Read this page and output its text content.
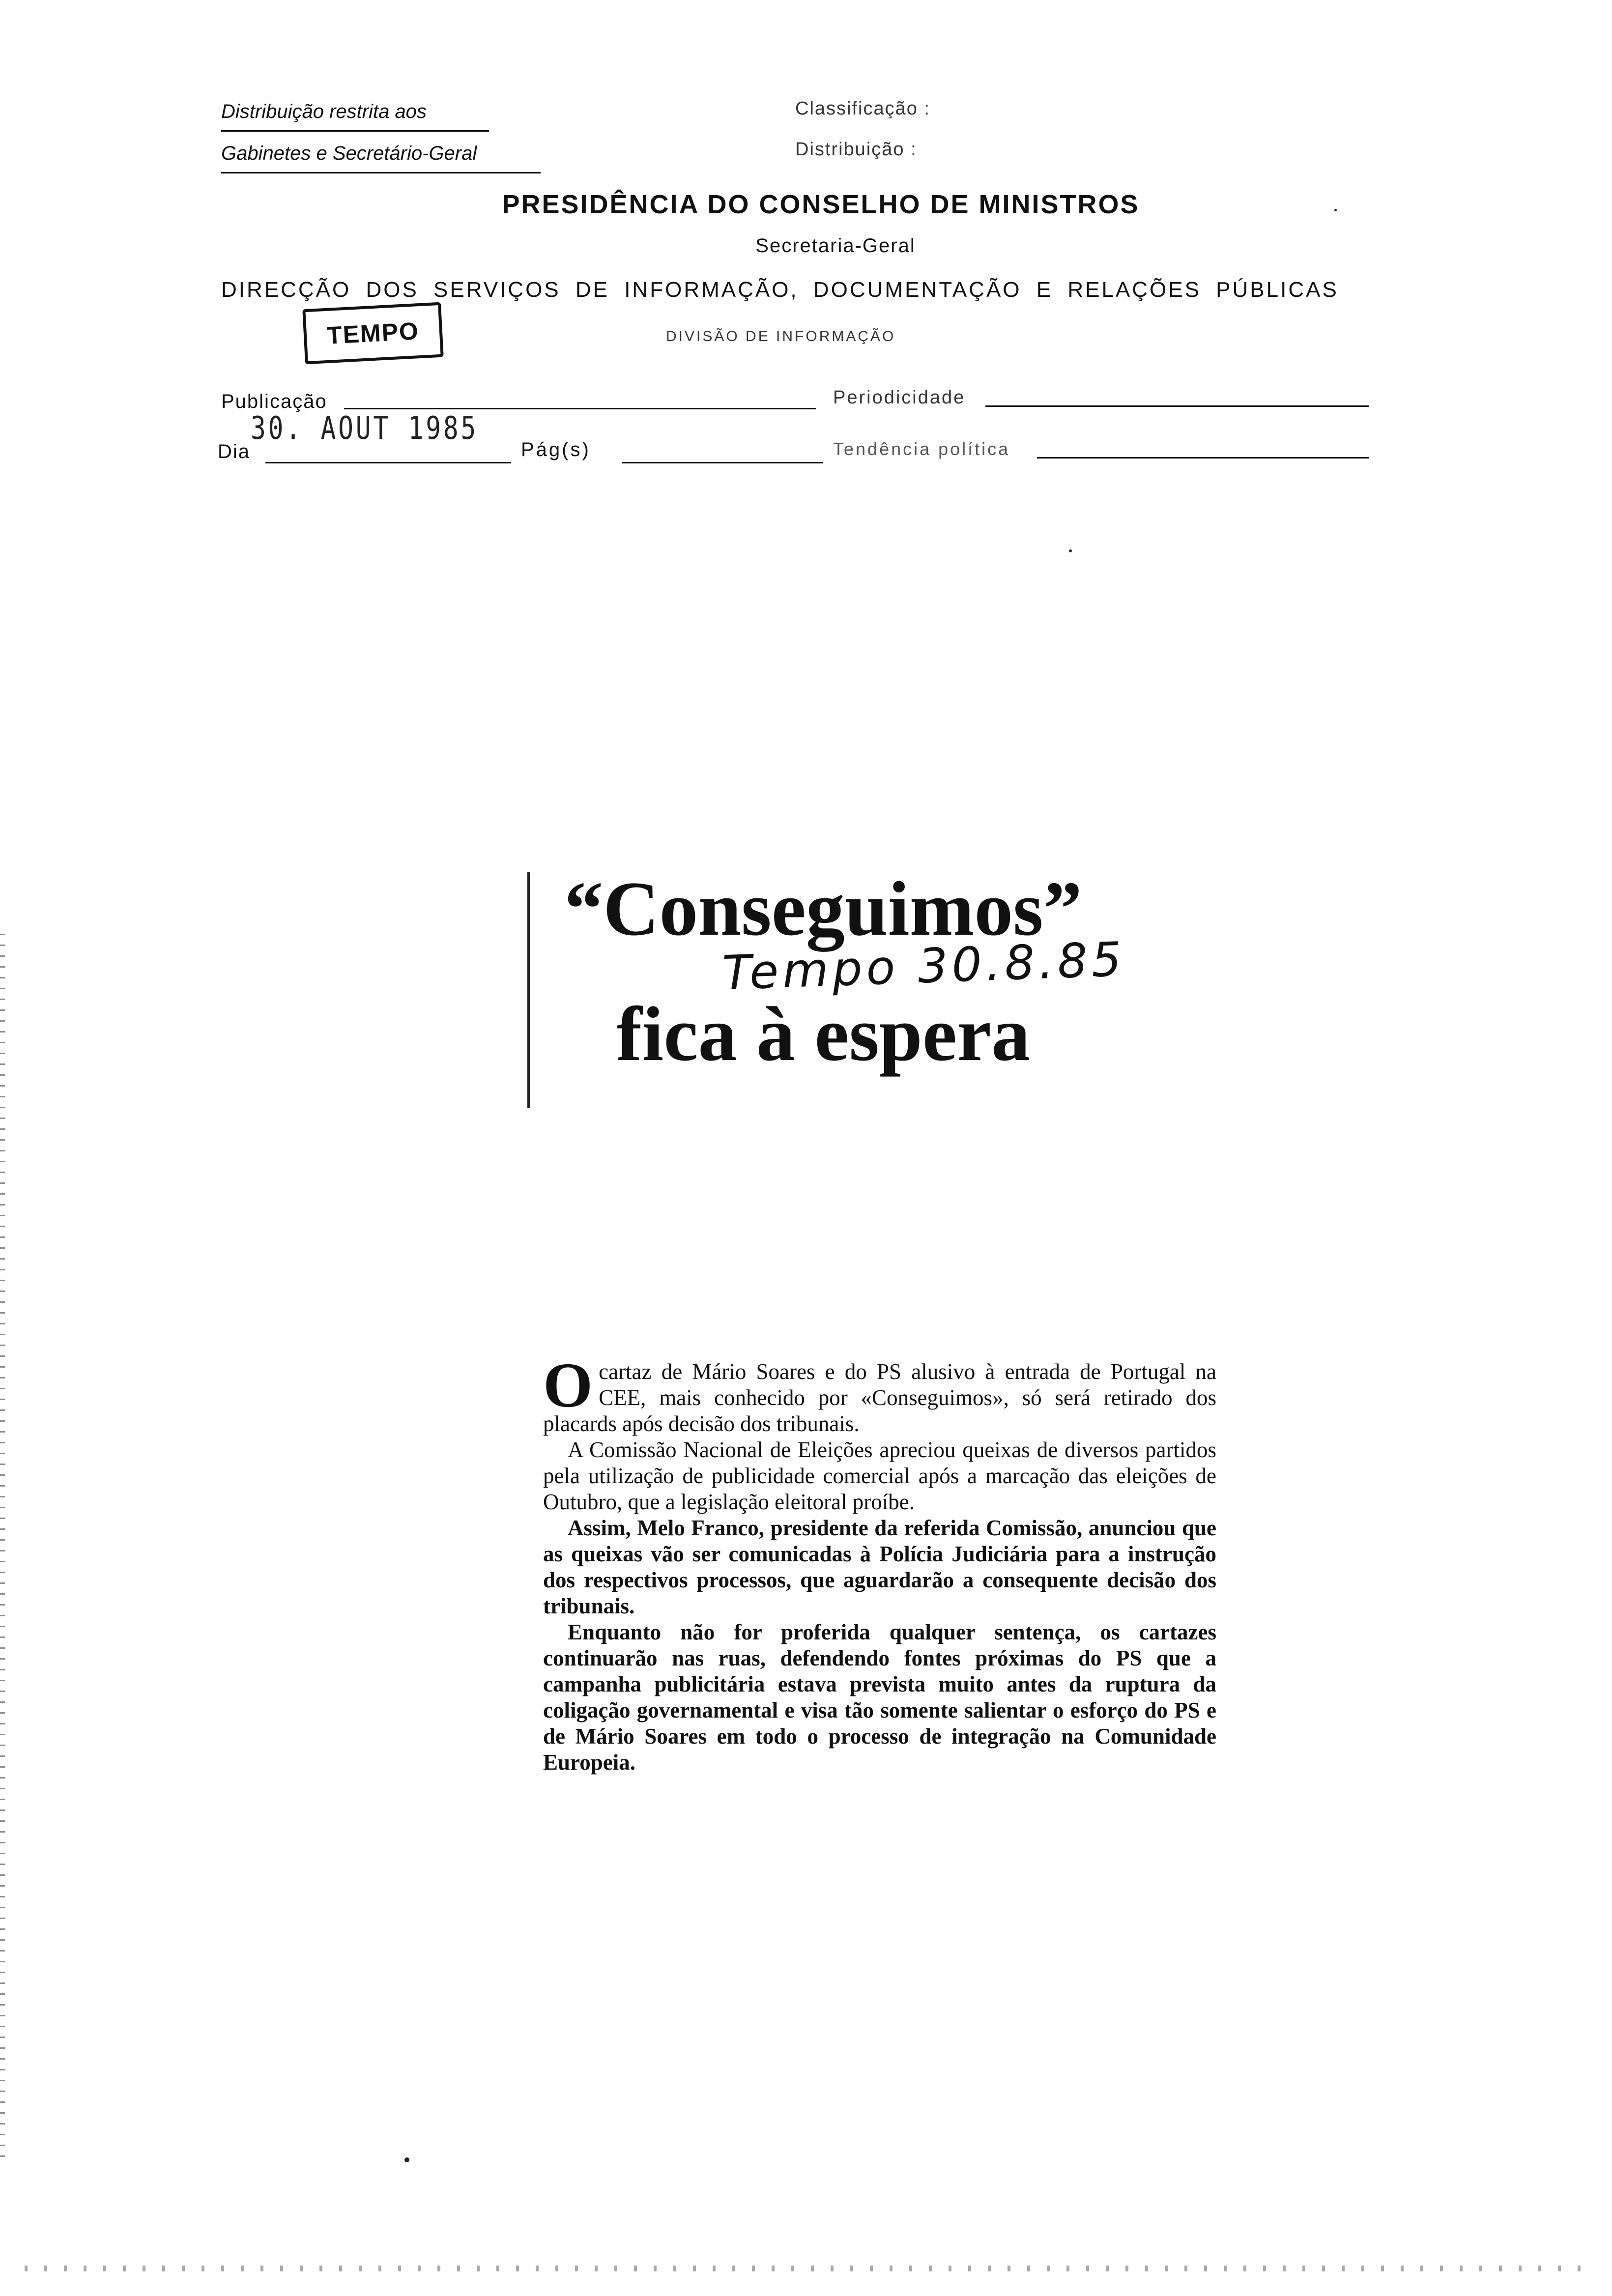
Distribuição restrita aos
Gabinetes e Secretário-Geral
Classificação :
Distribuição :
PRESIDÊNCIA DO CONSELHO DE MINISTROS
Secretaria-Geral
DIRECÇÃO DOS SERVIÇOS DE INFORMAÇÃO, DOCUMENTAÇÃO E RELAÇÕES PÚBLICAS
TEMPO	DIVISÃO DE INFORMAÇÃO
Publicação	Periodicidade
30. AOUT 1985
Dia	Pág(s)	Tendência política
“Conseguimos”
Tempo 30.8.85
fica à espera

Ocartaz de Mário Soares e do PS alusivo à entrada de Portugal na CEE, mais conhecido por «Conseguimos», só será retirado dos placards após decisão dos tribunais.

A Comissão Nacional de Eleições apreciou queixas de diversos partidos pela utilização de publicidade comercial após a marcação das eleições de Outubro, que a legislação eleitoral proíbe.

Assim, Melo Franco, presidente da referida Comissão, anunciou que as queixas vão ser comunicadas à Polícia Judiciária para a instrução dos respectivos processos, que aguardarão a consequente decisão dos tribunais.

Enquanto não for proferida qualquer sentença, os cartazes continuarão nas ruas, defendendo fontes próximas do PS que a campanha publicitária estava prevista muito antes da ruptura da coligação governamental e visa tão somente salientar o esforço do PS e de Mário Soares em todo o processo de integração na Comunidade Europeia.
